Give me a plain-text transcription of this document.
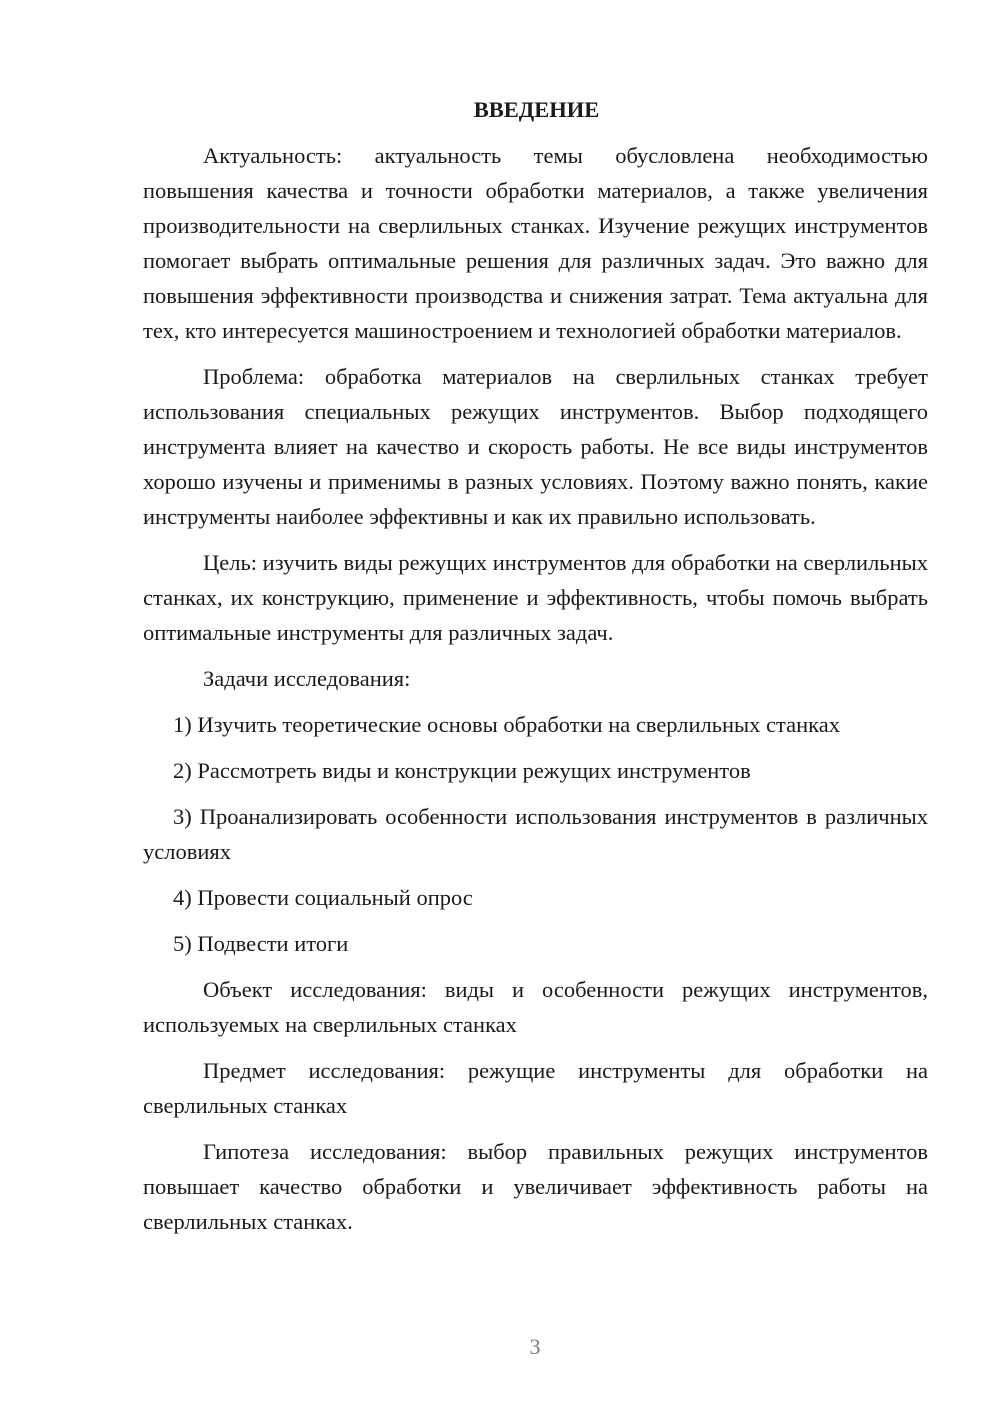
ВВЕДЕНИЕ

Актуальность: актуальность темы обусловлена необходимостью повышения качества и точности обработки материалов, а также увеличения производительности на сверлильных станках. Изучение режущих инструментов помогает выбрать оптимальные решения для различных задач. Это важно для повышения эффективности производства и снижения затрат. Тема актуальна для тех, кто интересуется машиностроением и технологией обработки материалов.

Проблема: обработка материалов на сверлильных станках требует использования специальных режущих инструментов. Выбор подходящего инструмента влияет на качество и скорость работы. Не все виды инструментов хорошо изучены и применимы в разных условиях. Поэтому важно понять, какие инструменты наиболее эффективны и как их правильно использовать.

Цель: изучить виды режущих инструментов для обработки на сверлильных станках, их конструкцию, применение и эффективность, чтобы помочь выбрать оптимальные инструменты для различных задач.

Задачи исследования:

1) Изучить теоретические основы обработки на сверлильных станках

2) Рассмотреть виды и конструкции режущих инструментов

3) Проанализировать особенности использования инструментов в различных условиях

4) Провести социальный опрос

5) Подвести итоги

Объект исследования: виды и особенности режущих инструментов, используемых на сверлильных станках

Предмет исследования: режущие инструменты для обработки на сверлильных станках

Гипотеза исследования: выбор правильных режущих инструментов повышает качество обработки и увеличивает эффективность работы на сверлильных станках.

3
